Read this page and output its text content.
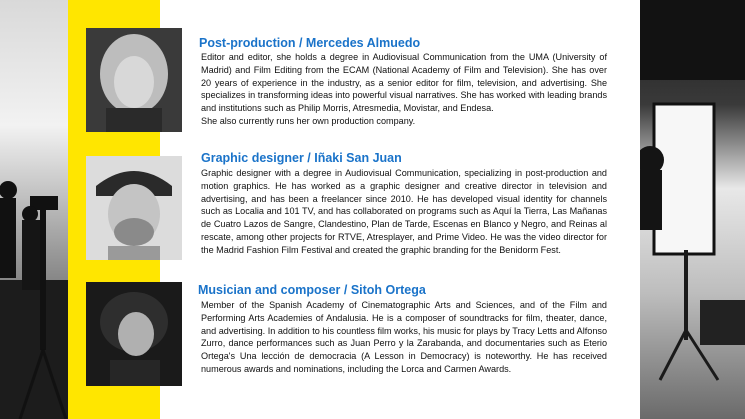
Post-production / Mercedes Almuedo

Editor and editor, she holds a degree in Audiovisual Communication from the UMA (University of Madrid) and Film Editing from the ECAM (National Academy of Film and Television). She has over 20 years of experience in the industry, as a senior editor for film, television, and advertising. She specializes in transforming ideas into powerful visual narratives. She has worked with leading brands and institutions such as Philip Morris, Atresmedia, Movistar, and Endesa.

She also currently runs her own production company.

Graphic designer / Iñaki San Juan

Graphic designer with a degree in Audiovisual Communication, specializing in post-production and motion graphics. He has worked as a graphic designer and creative director in television and advertising, and has been a freelancer since 2010. He has developed visual identity for channels such as Localia and 101 TV, and has collaborated on programs such as Aquí la Tierra, Las Mañanas de Cuatro Lazos de Sangre, Clandestino, Plan de Tarde, Escenas en Blanco y Negro, and Reinas al rescate, among other projects for RTVE, Atresplayer, and Prime Video. He was the video director for the Madrid Fashion Film Festival and created the graphic branding for the Benidorm Fest.

Musician and composer / Sitoh Ortega

Member of the Spanish Academy of Cinematographic Arts and Sciences, and of the Film and Performing Arts Academies of Andalusia. He is a composer of soundtracks for film, theater, dance, and advertising. In addition to his countless film works, his music for plays by Tracy Letts and Alfonso Zurro, dance performances such as Juan Perro y la Zarabanda, and documentaries such as Eterio Ortega's Una lección de democracia (A Lesson in Democracy) is noteworthy. He has received numerous awards and nominations, including the Lorca and Carmen Awards.
